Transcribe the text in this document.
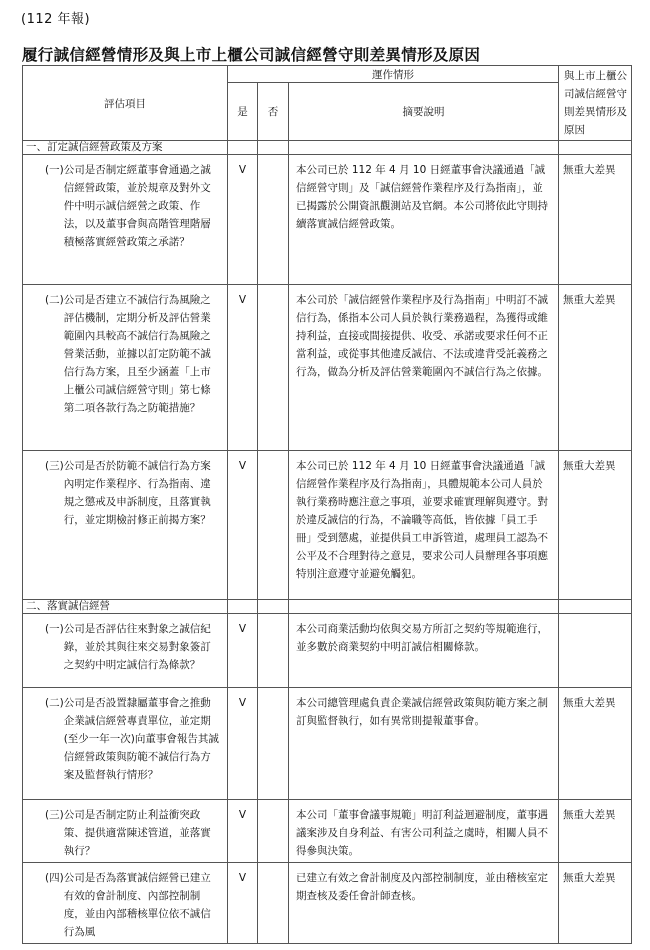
(112 年報)
履行誠信經營情形及與上市上櫃公司誠信經營守則差異情形及原因
評估項目	運作情形			與上市上櫃公司誠信經營守則差異情形及原因
	是	否	摘要說明	
一、訂定誠信經營政策及方案				

(一) 公司是否制定經董事會通過之誠信經營政策，並於規章及對外文件中明示誠信經營之政策、作法，以及董事會與高階管理階層積極落實經營政策之承諾？	V		本公司已於 112 年 4 月 10 日經董事會決議通過「誠信經營守則」及「誠信經營作業程序及行為指南」，並已揭露於公開資訊觀測站及官網。本公司將依此守則持續落實誠信經營政策。	無重大差異

(二) 公司是否建立不誠信行為風險之評估機制，定期分析及評估營業範圍內具較高不誠信行為風險之營業活動，並據以訂定防範不誠信行為方案，且至少涵蓋「上市上櫃公司誠信經營守則」第七條第二項各款行為之防範措施？	V		本公司於「誠信經營作業程序及行為指南」中明訂不誠信行為，係指本公司人員於執行業務過程，為獲得或維持利益，直接或間接提供、收受、承諾或要求任何不正當利益，或從事其他違反誠信、不法或違背受託義務之行為，做為分析及評估營業範圍內不誠信行為之依據。	無重大差異

(三) 公司是否於防範不誠信行為方案內明定作業程序、行為指南、違規之懲戒及申訴制度，且落實執行，並定期檢討修正前揭方案？	V		本公司已於 112 年 4 月 10 日經董事會決議通過「誠信經營作業程序及行為指南」，具體規範本公司人員於執行業務時應注意之事項，並要求確實理解與遵守。對於違反誠信的行為，不論職等高低，皆依據「員工手冊」受到懲處，並提供員工申訴管道，處理員工認為不公平及不合理對待之意見，要求公司人員辦理各事項應特別注意遵守並避免觸犯。	無重大差異
二、落實誠信經營				

(一) 公司是否評估往來對象之誠信紀錄，並於其與往來交易對象簽訂之契約中明定誠信行為條款？	V		本公司商業活動均依與交易方所訂之契約等規範進行，並多數於商業契約中明訂誠信相關條款。	

(二) 公司是否設置隸屬董事會之推動企業誠信經營專責單位，並定期(至少一年一次)向董事會報告其誠信經營政策與防範不誠信行為方案及監督執行情形？	V		本公司總管理處負責企業誠信經營政策與防範方案之制訂與監督執行，如有異常則提報董事會。	無重大差異

(三) 公司是否制定防止利益衝突政策、提供適當陳述管道，並落實執行？	V		本公司「董事會議事規範」明訂利益迴避制度，董事遇議案涉及自身利益、有害公司利益之虞時，相關人員不得參與決策。	無重大差異

(四) 公司是否為落實誠信經營已建立有效的會計制度、內部控制制度，並由內部稽核單位依不誠信行為風	V		已建立有效之會計制度及內部控制制度，並由稽核室定期查核及委任會計師查核。	無重大差異
